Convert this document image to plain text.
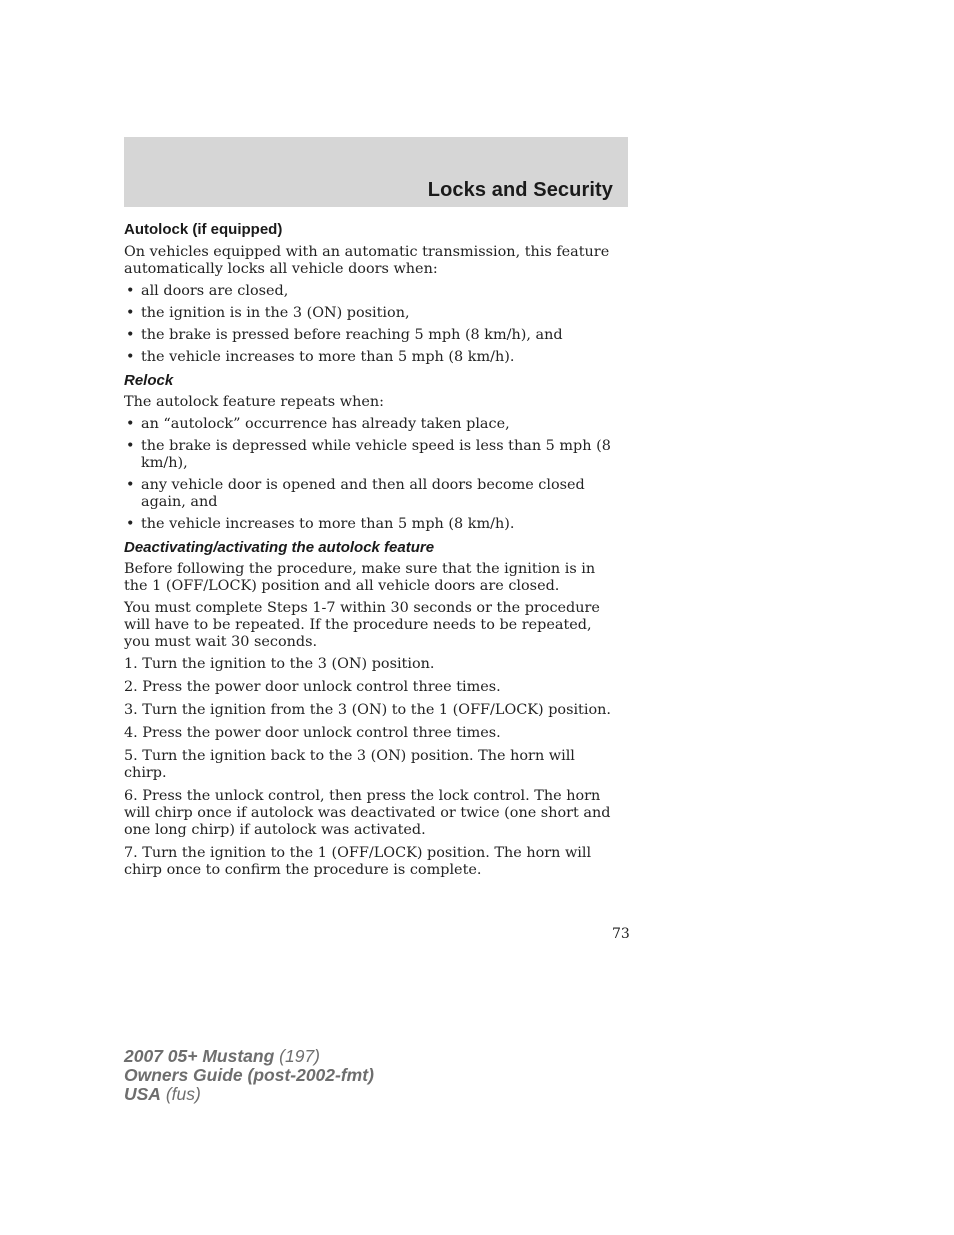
Locks and Security
Autolock (if equipped)
On vehicles equipped with an automatic transmission, this feature automatically locks all vehicle doors when:
• all doors are closed,
• the ignition is in the 3 (ON) position,
• the brake is pressed before reaching 5 mph (8 km/h), and
• the vehicle increases to more than 5 mph (8 km/h).
Relock
The autolock feature repeats when:
• an “autolock” occurrence has already taken place,
• the brake is depressed while vehicle speed is less than 5 mph (8 km/h),
• any vehicle door is opened and then all doors become closed again, and
• the vehicle increases to more than 5 mph (8 km/h).
Deactivating/activating the autolock feature
Before following the procedure, make sure that the ignition is in the 1 (OFF/LOCK) position and all vehicle doors are closed.
You must complete Steps 1-7 within 30 seconds or the procedure will have to be repeated. If the procedure needs to be repeated, you must wait 30 seconds.
1. Turn the ignition to the 3 (ON) position.
2. Press the power door unlock control three times.
3. Turn the ignition from the 3 (ON) to the 1 (OFF/LOCK) position.
4. Press the power door unlock control three times.
5. Turn the ignition back to the 3 (ON) position. The horn will chirp.
6. Press the unlock control, then press the lock control. The horn will chirp once if autolock was deactivated or twice (one short and one long chirp) if autolock was activated.
7. Turn the ignition to the 1 (OFF/LOCK) position. The horn will chirp once to confirm the procedure is complete.
73
2007 05+ Mustang (197)
Owners Guide (post-2002-fmt)
USA (fus)
